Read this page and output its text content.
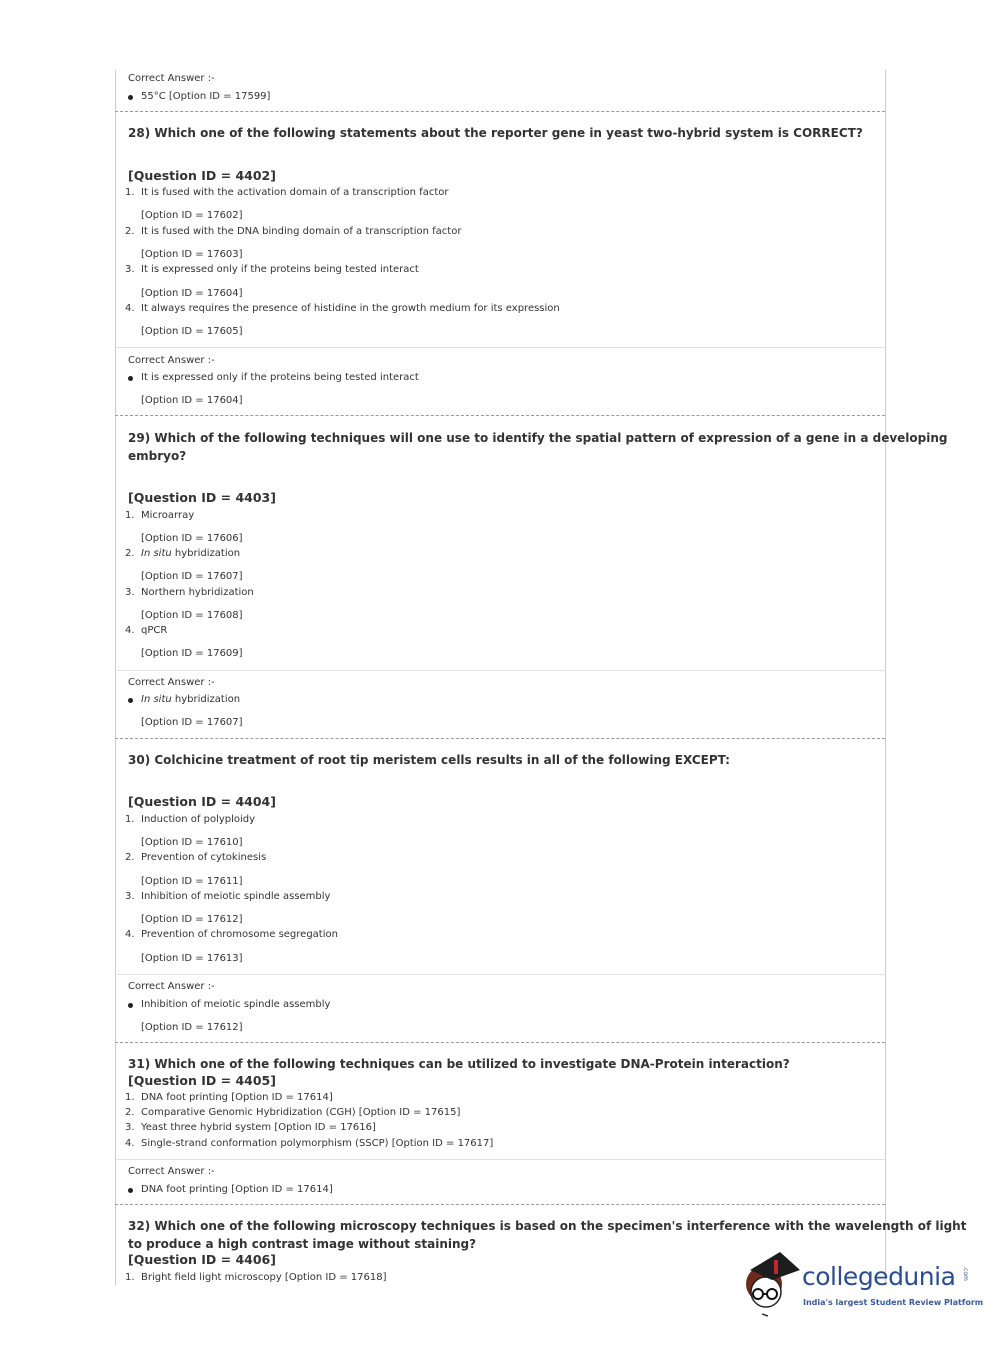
Correct Answer :-
55°C [Option ID = 17599]
28) Which one of the following statements about the reporter gene in yeast two-hybrid system is CORRECT?
[Question ID = 4402]
1. It is fused with the activation domain of a transcription factor
[Option ID = 17602]
2. It is fused with the DNA binding domain of a transcription factor
[Option ID = 17603]
3. It is expressed only if the proteins being tested interact
[Option ID = 17604]
4. It always requires the presence of histidine in the growth medium for its expression
[Option ID = 17605]
Correct Answer :-
It is expressed only if the proteins being tested interact
[Option ID = 17604]
29) Which of the following techniques will one use to identify the spatial pattern of expression of a gene in a developing
embryo?
[Question ID = 4403]
1. Microarray
[Option ID = 17606]
2. In situ hybridization
[Option ID = 17607]
3. Northern hybridization
[Option ID = 17608]
4. qPCR
[Option ID = 17609]
Correct Answer :-
In situ hybridization
[Option ID = 17607]
30) Colchicine treatment of root tip meristem cells results in all of the following EXCEPT:
[Question ID = 4404]
1. Induction of polyploidy
[Option ID = 17610]
2. Prevention of cytokinesis
[Option ID = 17611]
3. Inhibition of meiotic spindle assembly
[Option ID = 17612]
4. Prevention of chromosome segregation
[Option ID = 17613]
Correct Answer :-
Inhibition of meiotic spindle assembly
[Option ID = 17612]
31) Which one of the following techniques can be utilized to investigate DNA-Protein interaction?
[Question ID = 4405]
1. DNA foot printing [Option ID = 17614]
2. Comparative Genomic Hybridization (CGH) [Option ID = 17615]
3. Yeast three hybrid system [Option ID = 17616]
4. Single-strand conformation polymorphism (SSCP) [Option ID = 17617]
Correct Answer :-
DNA foot printing [Option ID = 17614]
32) Which one of the following microscopy techniques is based on the specimen's interference with the wavelength of light
to produce a high contrast image without staining?
[Question ID = 4406]
1. Bright field light microscopy [Option ID = 17618]	collegedunia .com
India's largest Student Review Platform
